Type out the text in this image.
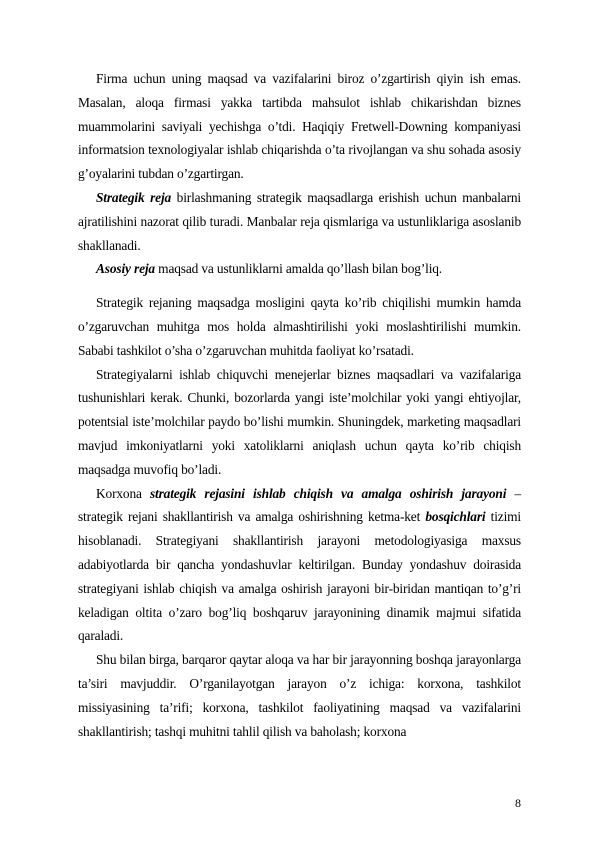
Firma uchun uning maqsad va vazifalarini biroz o’zgartirish qiyin ish emas. Masalan, aloqa firmasi yakka tartibda mahsulot ishlab chikarishdan biznes muammolarini saviyali yechishga o’tdi. Haqiqiy Fretwell-Downing kompaniyasi informatsion texnologiyalar ishlab chiqarishda o’ta rivojlangan va shu sohada asosiy g’oyalarini tubdan o’zgartirgan.

Strategik reja birlashmaning strategik maqsadlarga erishish uchun manbalarni ajratilishini nazorat qilib turadi. Manbalar reja qismlariga va ustunliklariga asoslanib shakllanadi.

Asosiy reja maqsad va ustunliklarni amalda qo’llash bilan bog’liq.

Strategik rejaning maqsadga mosligini qayta ko’rib chiqilishi mumkin hamda o’zgaruvchan muhitga mos holda almashtirilishi yoki moslashtirilishi mumkin. Sababi tashkilot o’sha o’zgaruvchan muhitda faoliyat ko’rsatadi.

Strategiyalarni ishlab chiquvchi menejerlar biznes maqsadlari va vazifalariga tushunishlari kerak. Chunki, bozorlarda yangi iste’molchilar yoki yangi ehtiyojlar, potentsial iste’molchilar paydo bo’lishi mumkin. Shuningdek, marketing maqsadlari mavjud imkoniyatlarni yoki xatoliklarni aniqlash uchun qayta ko’rib chiqish maqsadga muvofiq bo’ladi.

Korxona strategik rejasini ishlab chiqish va amalga oshirish jarayoni – strategik rejani shakllantirish va amalga oshirishning ketma-ket bosqichlari tizimi hisoblanadi. Strategiyani shakllantirish jarayoni metodologiyasiga maxsus adabiyotlarda bir qancha yondashuvlar keltirilgan. Bunday yondashuv doirasida strategiyani ishlab chiqish va amalga oshirish jarayoni bir-biridan mantiqan to’g’ri keladigan oltita o’zaro bog’liq boshqaruv jarayonining dinamik majmui sifatida qaraladi.

Shu bilan birga, barqaror qaytar aloqa va har bir jarayonning boshqa jarayonlarga ta’siri mavjuddir. O’rganilayotgan jarayon o’z ichiga: korxona, tashkilot missiyasining ta’rifi; korxona, tashkilot faoliyatining maqsad va vazifalarini shakllantirish; tashqi muhitni tahlil qilish va baholash; korxona

8
